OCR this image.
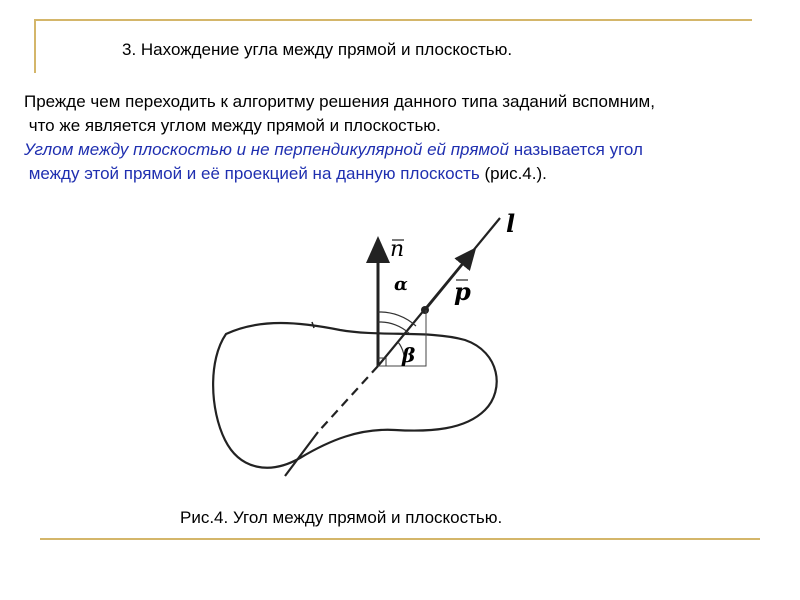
3. Нахождение угла между прямой и плоскостью.
Прежде чем переходить к алгоритму решения данного типа заданий вспомним,
что же является углом между прямой и плоскостью.
Углом между плоскостью и не перпендикулярной ей прямой называется угол
между этой прямой и её проекцией на данную плоскость (рис.4.).
l
n
p
α
β
Рис.4. Угол между прямой и плоскостью.
